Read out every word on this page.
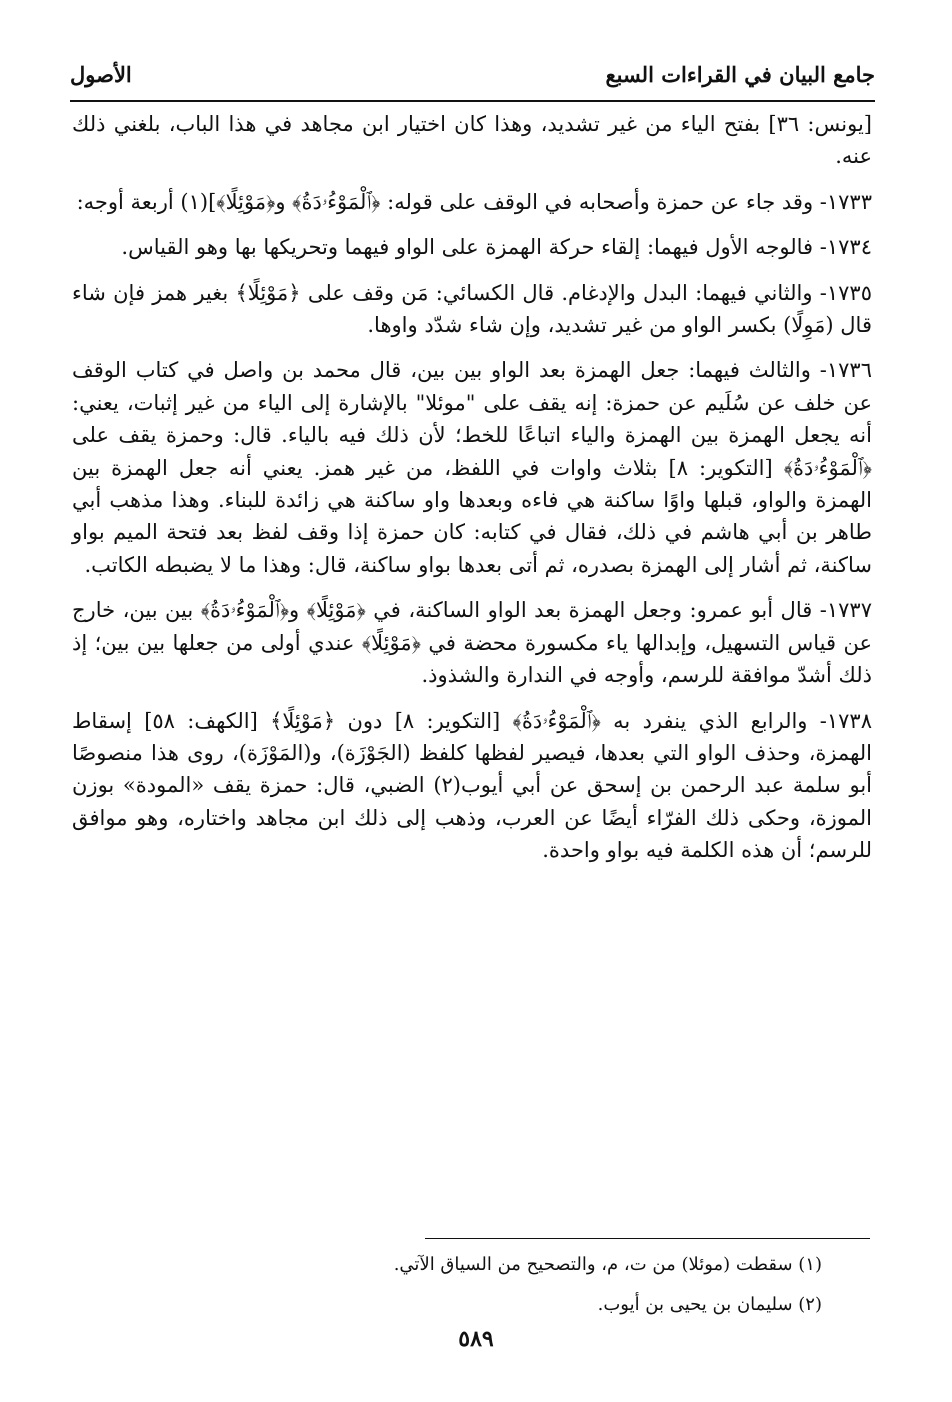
جامع البيان في القراءات السبع
الأصول

[يونس: ٣٦] بفتح الياء من غير تشديد، وهذا كان اختيار ابن مجاهد في هذا الباب، بلغني ذلك عنه.

١٧٣٣- وقد جاء عن حمزة وأصحابه في الوقف على قوله: ﴿ٱلْمَوْءُۥدَةُ﴾ و﴿مَوْئِلًا﴾](١) أربعة أوجه:

١٧٣٤- فالوجه الأول فيهما: إلقاء حركة الهمزة على الواو فيهما وتحريكها بها وهو القياس.

١٧٣٥- والثاني فيهما: البدل والإدغام. قال الكسائي: مَن وقف على ﴿مَوْئِلًا﴾ بغير همز فإن شاء قال (مَوِلًا) بكسر الواو من غير تشديد، وإن شاء شدّد واوها.

١٧٣٦- والثالث فيهما: جعل الهمزة بعد الواو بين بين، قال محمد بن واصل في كتاب الوقف عن خلف عن سُلَيم عن حمزة: إنه يقف على "موئلا" بالإشارة إلى الياء من غير إثبات، يعني: أنه يجعل الهمزة بين الهمزة والياء اتباعًا للخط؛ لأن ذلك فيه بالياء. قال: وحمزة يقف على ﴿ٱلْمَوْءُۥدَةُ﴾ [التكوير: ٨] بثلاث واوات في اللفظ، من غير همز. يعني أنه جعل الهمزة بين الهمزة والواو، قبلها واوًا ساكنة هي فاءه وبعدها واو ساكنة هي زائدة للبناء. وهذا مذهب أبي طاهر بن أبي هاشم في ذلك، فقال في كتابه: كان حمزة إذا وقف لفظ بعد فتحة الميم بواو ساكنة، ثم أشار إلى الهمزة بصدره، ثم أتى بعدها بواو ساكنة، قال: وهذا ما لا يضبطه الكاتب.

١٧٣٧- قال أبو عمرو: وجعل الهمزة بعد الواو الساكنة، في ﴿مَوْئِلًا﴾ و﴿ٱلْمَوْءُۥدَةُ﴾ بين بين، خارج عن قياس التسهيل، وإبدالها ياء مكسورة محضة في ﴿مَوْئِلًا﴾ عندي أولى من جعلها بين بين؛ إذ ذلك أشدّ موافقة للرسم، وأوجه في الندارة والشذوذ.

١٧٣٨- والرابع الذي ينفرد به ﴿ٱلْمَوْءُۥدَةُ﴾ [التكوير: ٨] دون ﴿مَوْئِلًا﴾ [الكهف: ٥٨] إسقاط الهمزة، وحذف الواو التي بعدها، فيصير لفظها كلفظ (الجَوْزَة)، و(المَوْزَة)، روى هذا منصوصًا أبو سلمة عبد الرحمن بن إسحق عن أبي أيوب(٢) الضبي، قال: حمزة يقف «المودة» بوزن الموزة، وحكى ذلك الفرّاء أيضًا عن العرب، وذهب إلى ذلك ابن مجاهد واختاره، وهو موافق للرسم؛ أن هذه الكلمة فيه بواو واحدة.

(١) سقطت (موئلا) من ت، م، والتصحيح من السياق الآتي.

(٢) سليمان بن يحيى بن أيوب.

٥٨٩
